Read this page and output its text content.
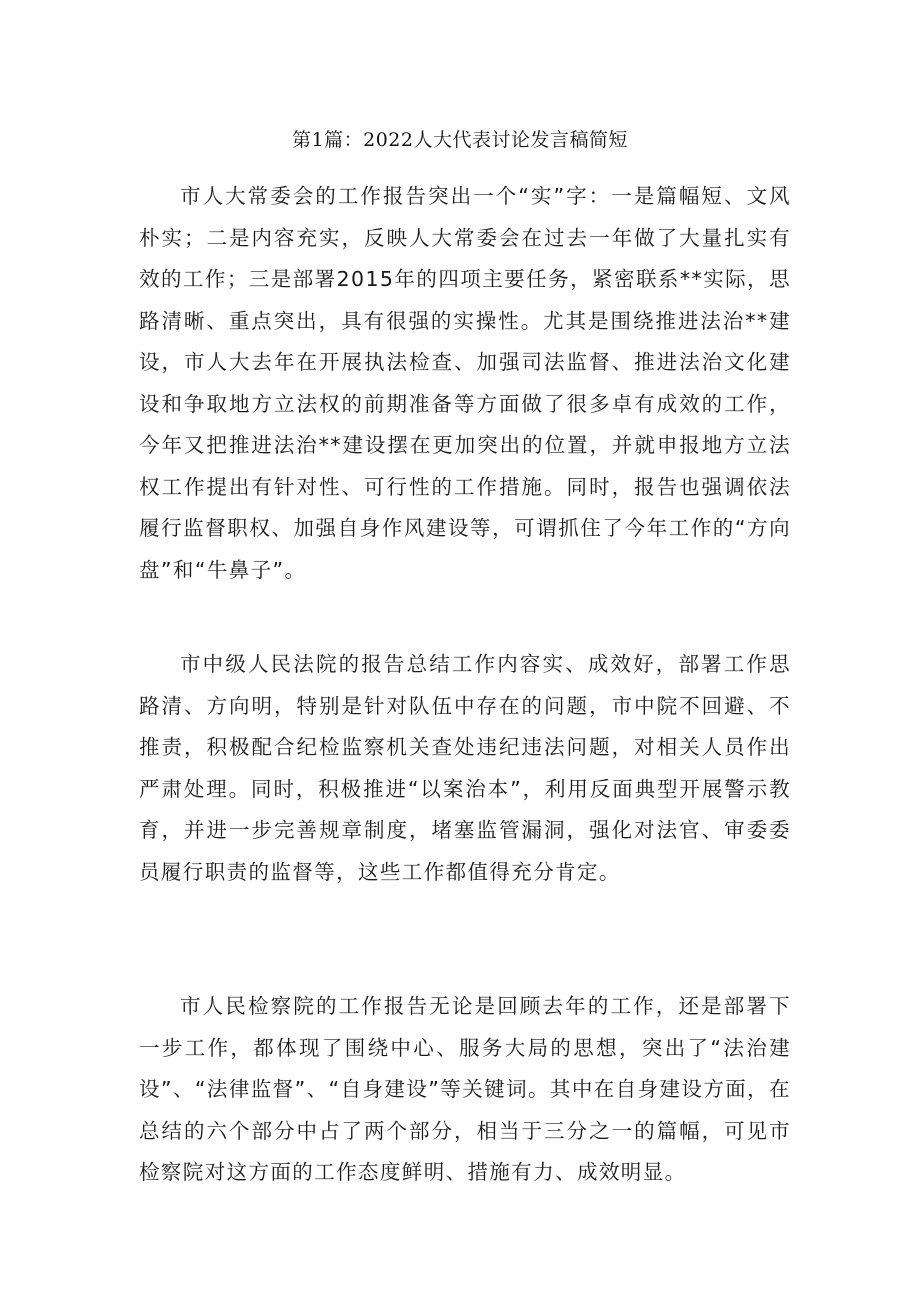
第1篇：2022人大代表讨论发言稿简短

市人大常委会的工作报告突出一个“实”字：一是篇幅短、文风朴实；二是内容充实，反映人大常委会在过去一年做了大量扎实有效的工作；三是部署2015年的四项主要任务，紧密联系**实际，思路清晰、重点突出，具有很强的实操性。尤其是围绕推进法治**建设，市人大去年在开展执法检查、加强司法监督、推进法治文化建设和争取地方立法权的前期准备等方面做了很多卓有成效的工作，今年又把推进法治**建设摆在更加突出的位置，并就申报地方立法权工作提出有针对性、可行性的工作措施。同时，报告也强调依法履行监督职权、加强自身作风建设等，可谓抓住了今年工作的“方向盘”和“牛鼻子”。

市中级人民法院的报告总结工作内容实、成效好，部署工作思路清、方向明，特别是针对队伍中存在的问题，市中院不回避、不推责，积极配合纪检监察机关查处违纪违法问题，对相关人员作出严肃处理。同时，积极推进“以案治本”，利用反面典型开展警示教育，并进一步完善规章制度，堵塞监管漏洞，强化对法官、审委委员履行职责的监督等，这些工作都值得充分肯定。

市人民检察院的工作报告无论是回顾去年的工作，还是部署下一步工作，都体现了围绕中心、服务大局的思想，突出了“法治建设”、“法律监督”、“自身建设”等关键词。其中在自身建设方面，在总结的六个部分中占了两个部分，相当于三分之一的篇幅，可见市检察院对这方面的工作态度鲜明、措施有力、成效明显。
